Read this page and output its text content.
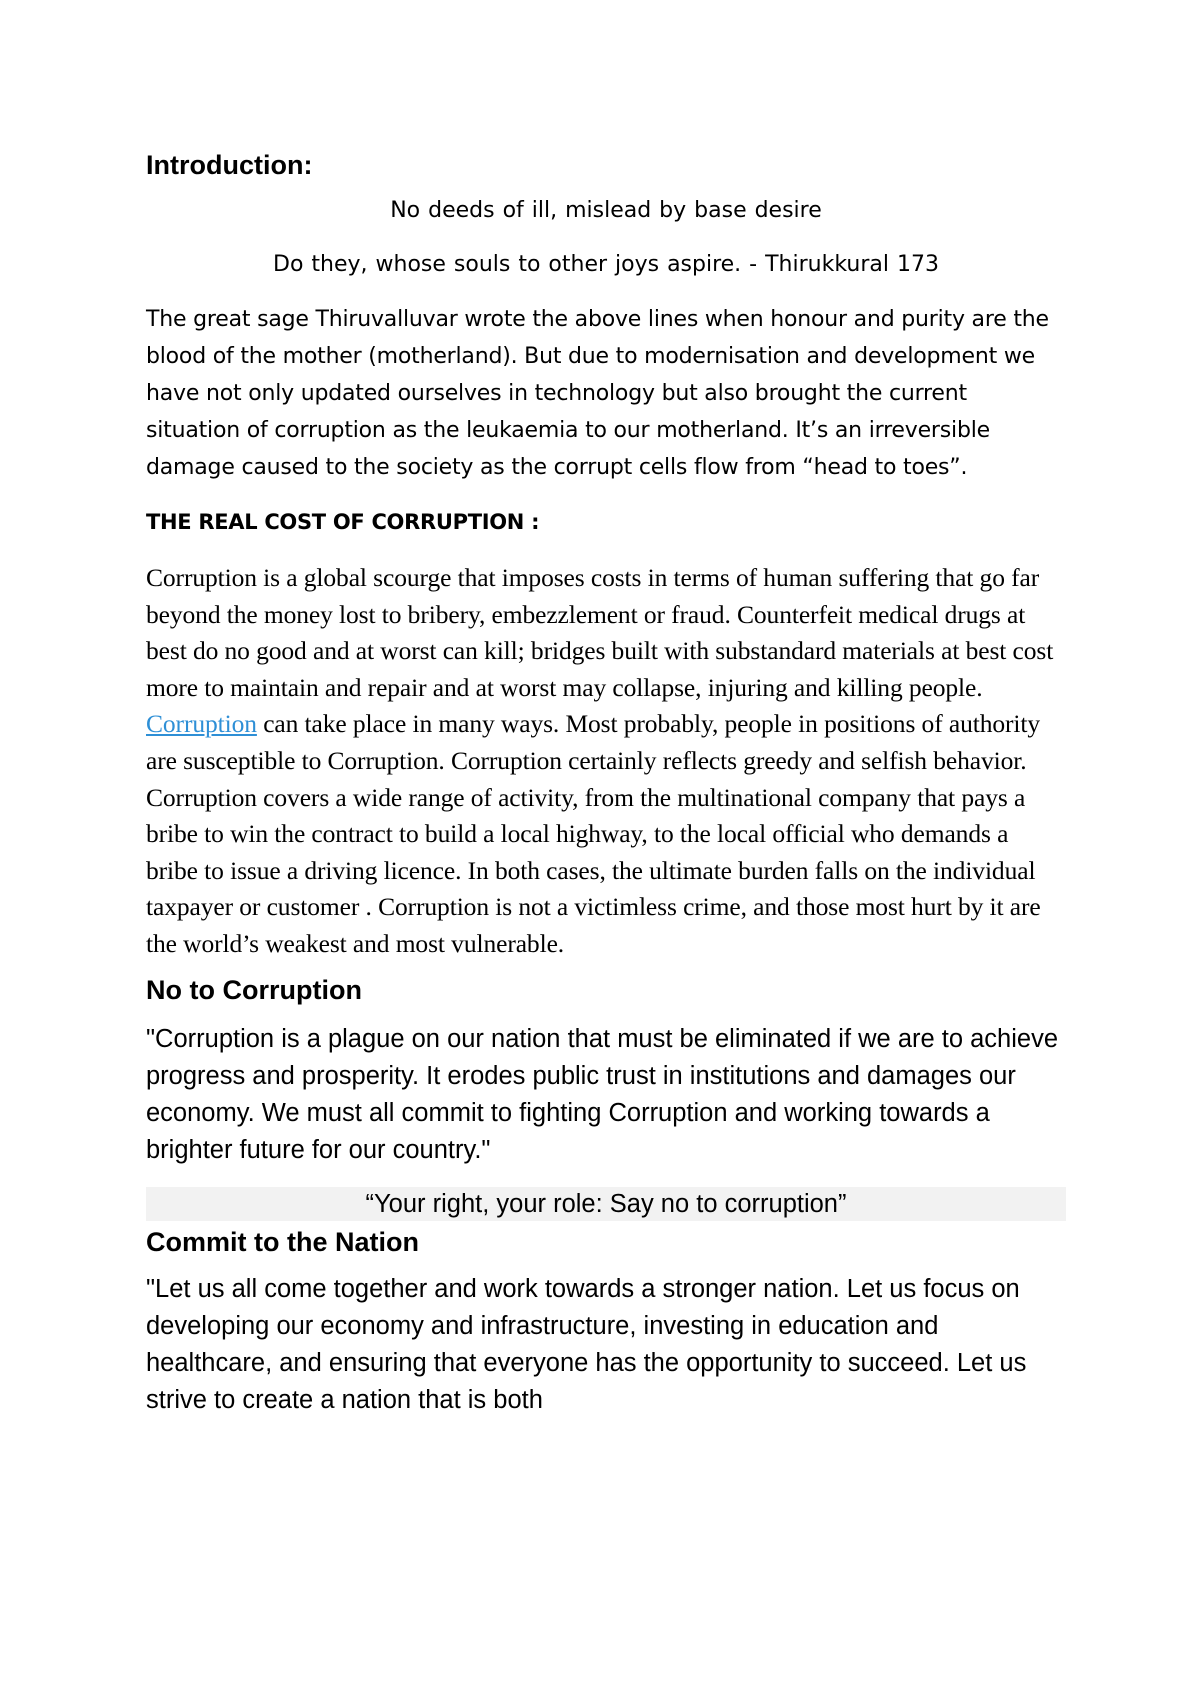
Introduction:
No deeds of ill, mislead by base desire
Do they, whose souls to other joys aspire. - Thirukkural 173

The great sage Thiruvalluvar wrote the above lines when honour and purity are the blood of the mother (motherland). But due to modernisation and development we have not only updated ourselves in technology but also brought the current situation of corruption as the leukaemia to our motherland. It’s an irreversible damage caused to the society as the corrupt cells flow from “head to toes”.

THE REAL COST OF CORRUPTION :

Corruption is a global scourge that imposes costs in terms of human suffering that go far beyond the money lost to bribery, embezzlement or fraud. Counterfeit medical drugs at best do no good and at worst can kill; bridges built with substandard materials at best cost more to maintain and repair and at worst may collapse, injuring and killing people. Corruption can take place in many ways. Most probably, people in positions of authority are susceptible to Corruption. Corruption certainly reflects greedy and selfish behavior. Corruption covers a wide range of activity, from the multinational company that pays a bribe to win the contract to build a local highway, to the local official who demands a bribe to issue a driving licence. In both cases, the ultimate burden falls on the individual taxpayer or customer . Corruption is not a victimless crime, and those most hurt by it are the world’s weakest and most vulnerable.

No to Corruption

"Corruption is a plague on our nation that must be eliminated if we are to achieve progress and prosperity. It erodes public trust in institutions and damages our economy. We must all commit to fighting Corruption and working towards a brighter future for our country."

“Your right, your role: Say no to corruption”
Commit to the Nation

"Let us all come together and work towards a stronger nation. Let us focus on developing our economy and infrastructure, investing in education and healthcare, and ensuring that everyone has the opportunity to succeed. Let us strive to create a nation that is both
